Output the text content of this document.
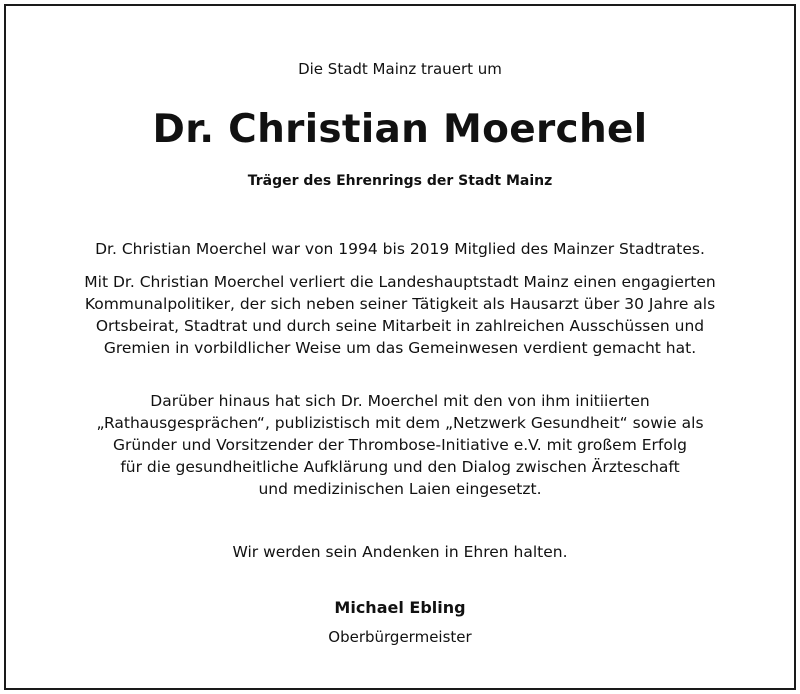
Die Stadt Mainz trauert um
Dr. Christian Moerchel
Träger des Ehrenrings der Stadt Mainz
Dr. Christian Moerchel war von 1994 bis 2019 Mitglied des Mainzer Stadtrates.
Mit Dr. Christian Moerchel verliert die Landeshauptstadt Mainz einen engagierten
Kommunalpolitiker, der sich neben seiner Tätigkeit als Hausarzt über 30 Jahre als
Ortsbeirat, Stadtrat und durch seine Mitarbeit in zahlreichen Ausschüssen und
Gremien in vorbildlicher Weise um das Gemeinwesen verdient gemacht hat.
Darüber hinaus hat sich Dr. Moerchel mit den von ihm initiierten
„Rathausgesprächen“, publizistisch mit dem „Netzwerk Gesundheit“ sowie als
Gründer und Vorsitzender der Thrombose-Initiative e.V. mit großem Erfolg
für die gesundheitliche Aufklärung und den Dialog zwischen Ärzteschaft
und medizinischen Laien eingesetzt.
Wir werden sein Andenken in Ehren halten.
Michael Ebling
Oberbürgermeister
